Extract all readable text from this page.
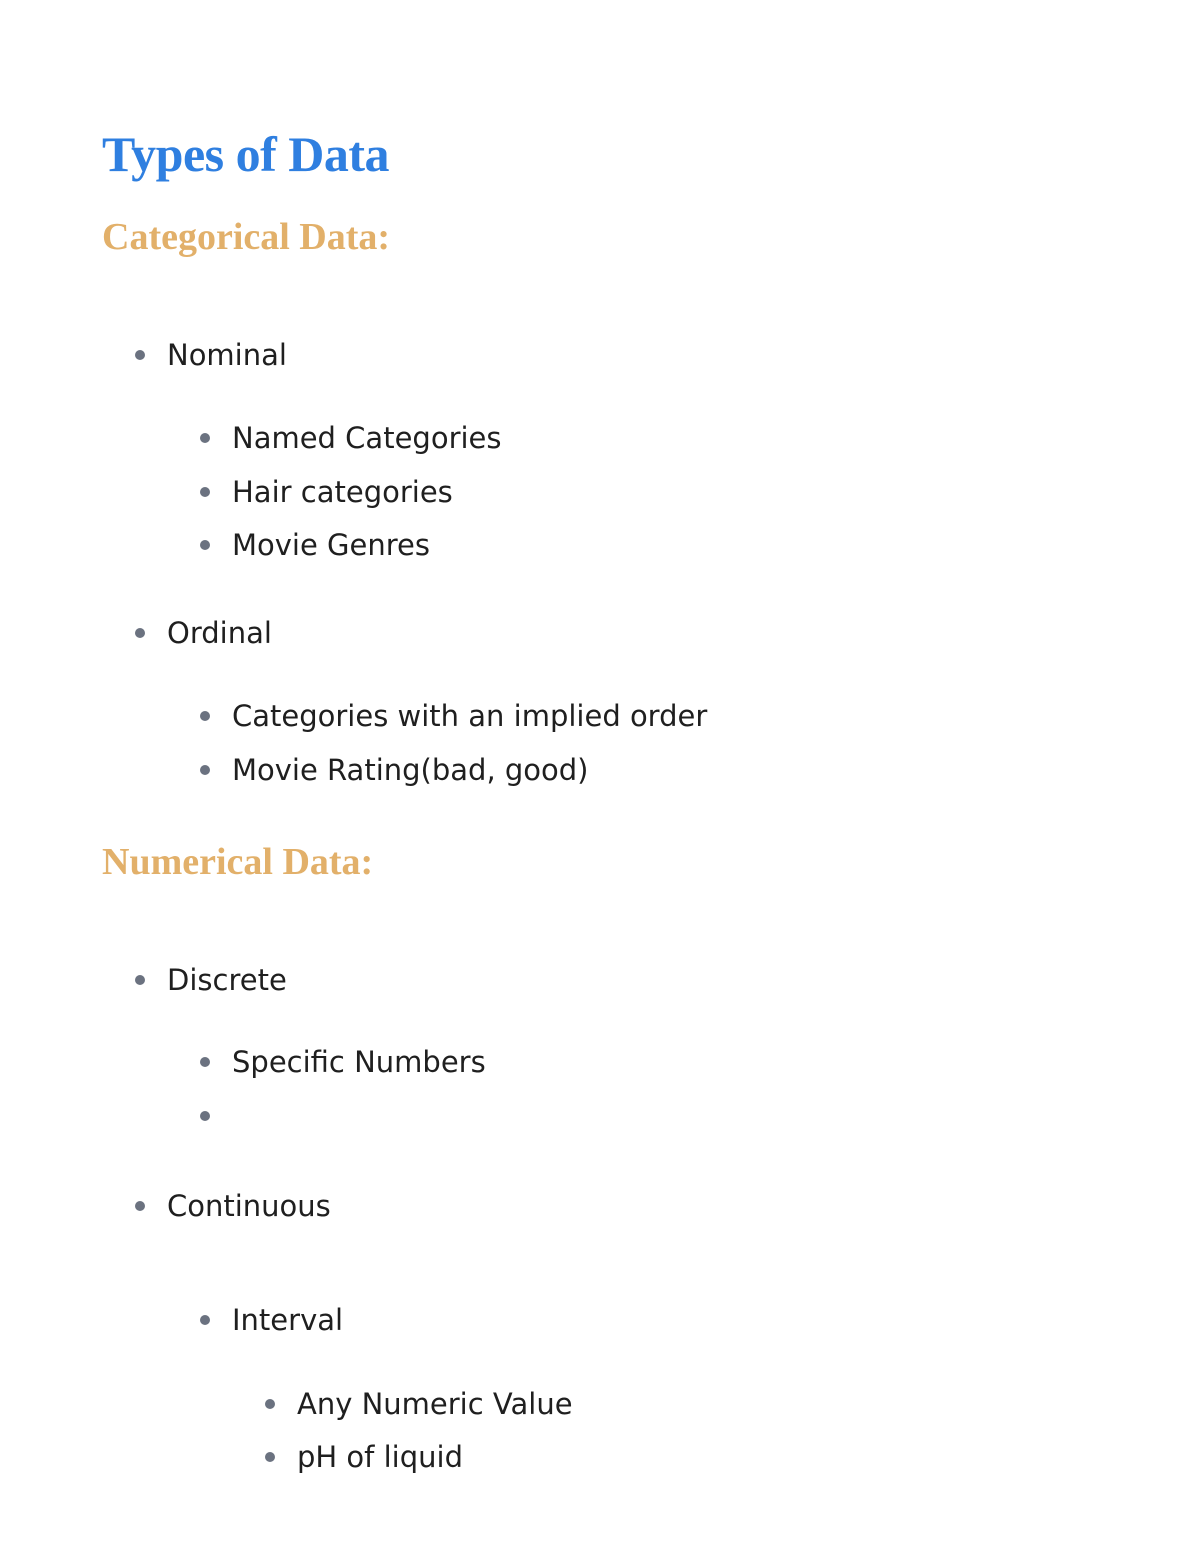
Types of Data
Categorical Data:
Nominal
Named Categories
Hair categories
Movie Genres
Ordinal
Categories with an implied order
Movie Rating(bad, good)
Numerical Data:
Discrete
Specific Numbers
Continuous
Interval
Any Numeric Value
pH of liquid
